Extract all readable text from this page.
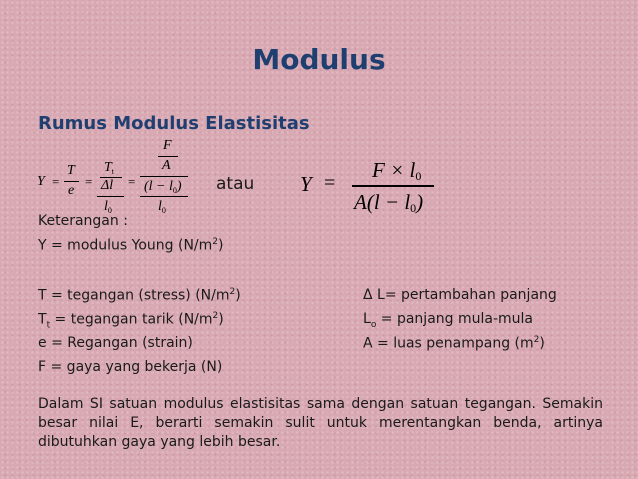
Modulus
Rumus Modulus Elastisitas
Y =
T
e
=
$T_t$
Δl
$l_0$
=
F
A
$(l - l_0)$
$l_0$
atau Y =
F × l0
A(l − l0)
Keterangan :
Y = modulus Young $(N/m^2)$
T = tegangan (stress) $(N/m^2)$
$T_t$ = tegangan tarik $(N/m^2)$
e = Regangan (strain)
F = gaya yang bekerja (N)
Δ L= pertambahan panjang
$L_o$ = panjang mula-mula
A = luas penampang $(m^2)$
Dalam SI satuan modulus elastisitas sama dengan satuan tegangan. Semakin besar nilai E, berarti semakin sulit untuk merentangkan benda, artinya dibutuhkan gaya yang lebih besar.
